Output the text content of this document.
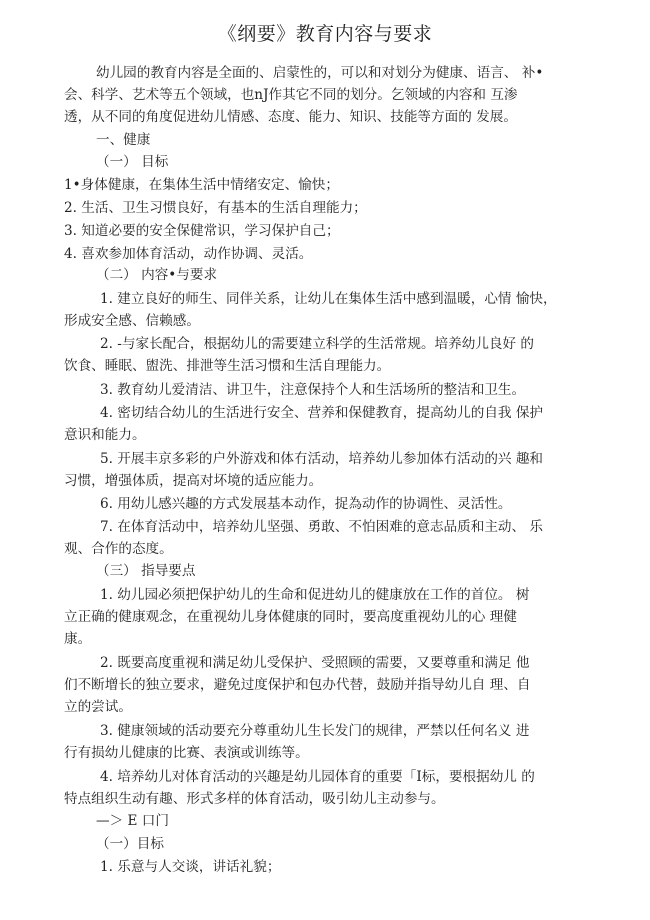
《纲要》教育内容与要求
幼儿园的教育内容是全面的、启蒙性的，可以和对划分为健康、语言、 补•
会、科学、艺术等五个领域，也nJ作其它不同的划分。乞领域的内容和 互渗
透，从不同的角度促进幼儿情感、态度、能力、知识、技能等方面的 发展。
一、健康
（一） 目标
1•身体健康，在集体生活中情绪安定、愉快；
2. 生活、卫生习惯良好，有基本的生活自理能力；
3. 知道必要的安全保健常识，学习保护自己；
4. 喜欢参加体育活动，动作协调、灵活。
（二） 内容•与要求
1. 建立良好的师生、同伴关系，让幼儿在集体生活中感到温暖，心情 愉快，
形成安全感、信赖感。
2. -与家长配合，根据幼儿的需要建立科学的生活常规。培养幼儿良好 的
饮食、睡眠、盥洗、排泄等生活习惯和生活自理能力。
3. 教育幼儿爱清洁、讲卫牛，注意保持个人和生活场所的整洁和卫生。
4. 密切结合幼儿的生活进行安全、营养和保健教育，提高幼儿的自我 保护
意识和能力。
5. 开展丰京多彩的户外游戏和体冇活动，培养幼儿参加体冇活动的兴 趣和
习惯，增强体质，提高对坏境的适应能力。
6. 用幼儿感兴趣的方式发展基本动作，捉為动作的协调性、灵活性。
7. 在体育活动中，培养幼儿坚强、勇敢、不怕困难的意志品质和主动、 乐
观、合作的态度。
（三） 指导要点
1. 幼儿园必须把保护幼儿的生命和促进幼儿的健康放在工作的首位。 树
立正确的健康观念，在重视幼儿身体健康的同时，要高度重视幼儿的心 理健
康。
2. 既要高度重视和满足幼儿受保护、受照顾的需要，又要尊重和满足 他
们不断增长的独立要求，避免过度保护和包办代替，鼓励并指导幼儿自 理、自
立的尝试。
3. 健康领域的活动要充分尊重幼儿生长发门的规律，严禁以任何名义 进
行有损幼儿健康的比赛、表演或训练等。
4. 培养幼儿对体育活动的兴趣是幼儿园体育的重要「I标，要根据幼儿 的
特点组织生动有趣、形式多样的体育活动，吸引幼儿主动参与。
—＞ E 口门
（一）目标
1. 乐意与人交谈，讲话礼貌；
